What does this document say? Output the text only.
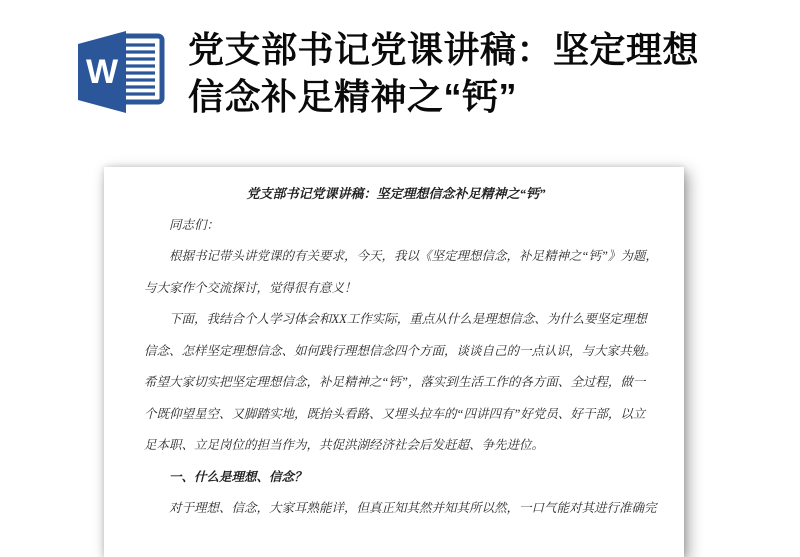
W
党支部书记党课讲稿：坚定理想信念补足精神之“钙”
党支部书记党课讲稿：坚定理想信念补足精神之“钙”
同志们：
根据书记带头讲党课的有关要求，今天，我以《坚定理想信念，补足精神之“钙”》为题，
与大家作个交流探讨，觉得很有意义！
下面，我结合个人学习体会和XX工作实际，重点从什么是理想信念、为什么要坚定理想
信念、怎样坚定理想信念、如何践行理想信念四个方面，谈谈自己的一点认识，与大家共勉。
希望大家切实把坚定理想信念，补足精神之“钙”，落实到生活工作的各方面、全过程，做一
个既仰望星空、又脚踏实地，既抬头看路、又埋头拉车的“四讲四有”好党员、好干部，以立
足本职、立足岗位的担当作为，共促洪湖经济社会后发赶超、争先进位。
一、什么是理想、信念？
对于理想、信念，大家耳熟能详，但真正知其然并知其所以然，一口气能对其进行准确完
